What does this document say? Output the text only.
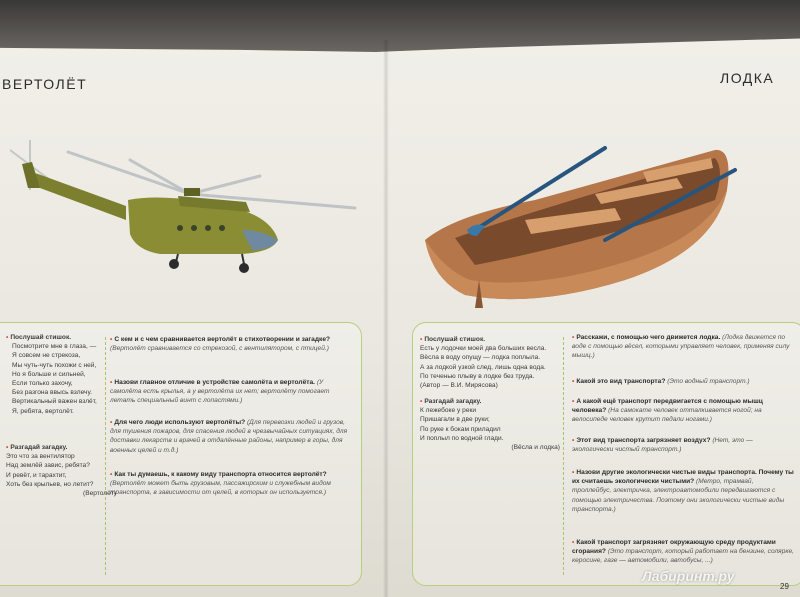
ВЕРТОЛЁТ	ЛОДКА
• Послушай стишок.
Посмотрите мне в глаза, —
Я совсем не стрекоза,
Мы чуть-чуть похожи с ней,
Но я больше и сильней,
Если только захочу,
Без разгона ввысь взлечу.
Вертикальный важен взлёт,
Я, ребята, вертолёт.
• Разгадай загадку.
Это что за вентилятор
Над землёй завис, ребята?
И ревёт, и тарахтит,
Хоть без крыльев, но летит?
(Вертолёт)
• С кем и с чем сравнивается вертолёт в стихотворении и загадке? (Вертолёт сравнивается со стрекозой, с вентилятором, с птицей.)
• Назови главное отличие в устройстве самолёта и вертолёта. (У самолёта есть крылья, а у вертолёта их нет; вертолёту помогает летать специальный винт с лопастями.)
• Для чего люди используют вертолёты? (Для перевозки людей и грузов, для тушения пожаров, для спасения людей в чрезвычайных ситуациях, для доставки лекарств и врачей в отдалённые районы, например в горы, для военных целей и т.д.)
• Как ты думаешь, к какому виду транспорта относится вертолёт? (Вертолёт может быть грузовым, пассажирским и служебным видом транспорта, в зависимости от целей, в которых он используется.)
• Послушай стишок.
Есть у лодочки моей два больших весла.
Вёсла в воду опущу — лодка поплыла.
А за лодкой узкой след, лишь одна вода.
По теченью плыву в лодке без труда.
(Автор — В.И. Мирясова)
• Разгадай загадку.
К лежебоке у реки
Пришагали в две руки;
По руке к бокам приладил
И поплыл по водной глади.
(Вёсла и лодка)
• Расскажи, с помощью чего движется лодка. (Лодка движется по воде с помощью вёсел, которыми управляет человек, применяя силу мышц.)
• Какой это вид транспорта? (Это водный транспорт.)
• А какой ещё транспорт передвигается с помощью мышц человека? (На самокате человек отталкивается ногой; на велосипеде человек крутит педали ногами.)
• Этот вид транспорта загрязняет воздух? (Нет, это — экологически чистый транспорт.)
• Назови другие экологически чистые виды транспорта. Почему ты их считаешь экологически чистыми? (Метро, трамвай, троллейбус, электричка, электроавтомобили передвигаются с помощью электричества. Поэтому они экологически чистые виды транспорта.)
• Какой транспорт загрязняет окружающую среду продуктами сгорания? (Это транспорт, который работает на бензине, солярке, керосине, газе — автомобили, автобусы, ...)
Лабиринт.ру
29
